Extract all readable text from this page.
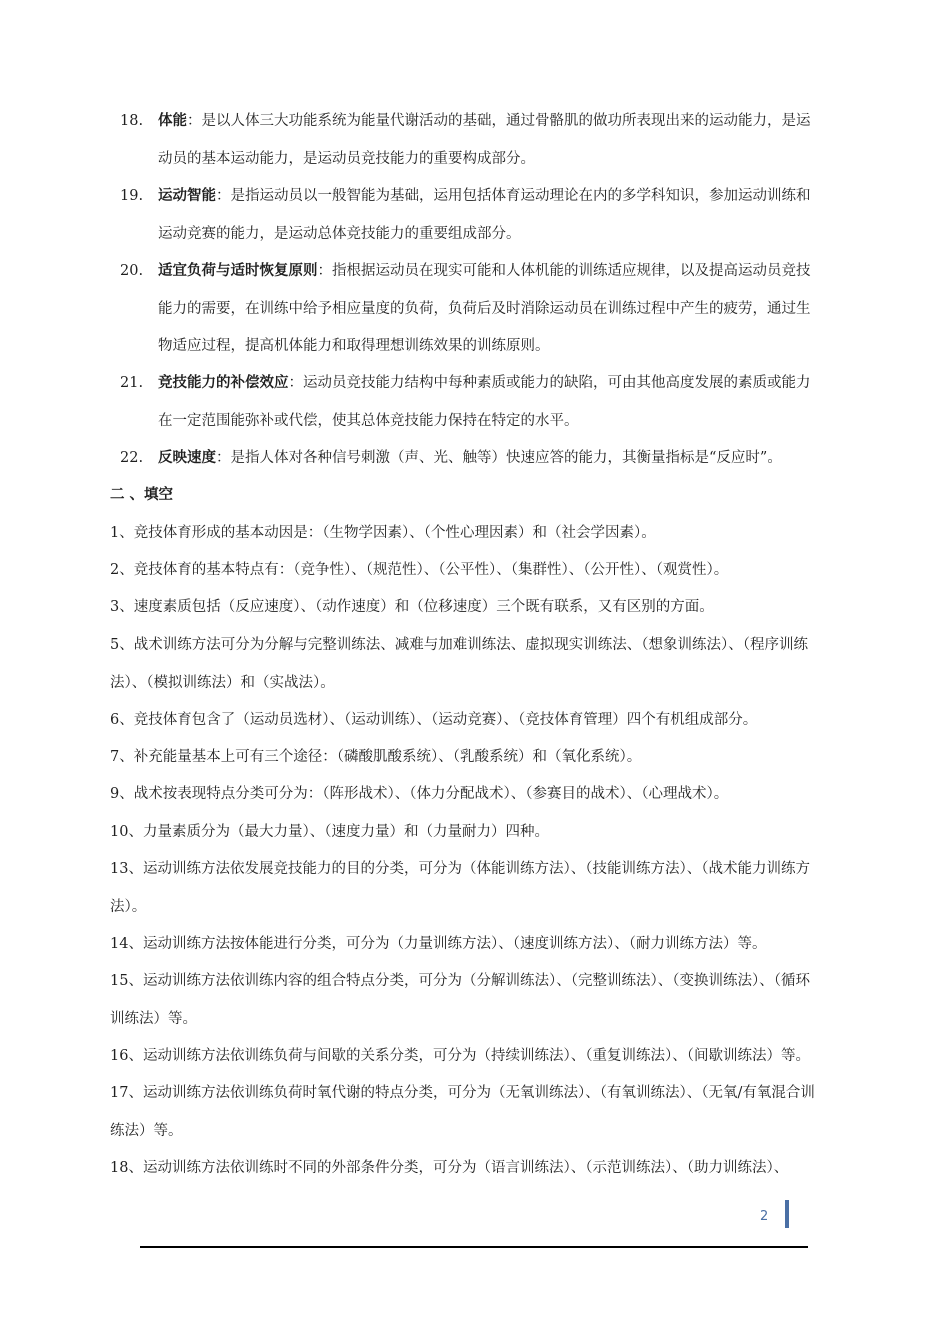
18.	体能：是以人体三大功能系统为能量代谢活动的基础，通过骨骼肌的做功所表现出来的运动能力，是运动员的基本运动能力，是运动员竞技能力的重要构成部分。
19.	运动智能：是指运动员以一般智能为基础，运用包括体育运动理论在内的多学科知识，参加运动训练和运动竞赛的能力，是运动总体竞技能力的重要组成部分。
20.	适宜负荷与适时恢复原则：指根据运动员在现实可能和人体机能的训练适应规律，以及提高运动员竞技能力的需要，在训练中给予相应量度的负荷，负荷后及时消除运动员在训练过程中产生的疲劳，通过生物适应过程，提高机体能力和取得理想训练效果的训练原则。
21.	竞技能力的补偿效应：运动员竞技能力结构中每种素质或能力的缺陷，可由其他高度发展的素质或能力在一定范围能弥补或代偿，使其总体竞技能力保持在特定的水平。
22.	反映速度：是指人体对各种信号刺激（声、光、触等）快速应答的能力，其衡量指标是“反应时”。
二 、填空
1、竞技体育形成的基本动因是：（生物学因素）、（个性心理因素）和（社会学因素）。
2、竞技体育的基本特点有：（竞争性）、（规范性）、（公平性）、（集群性）、（公开性）、（观赏性）。
3、速度素质包括（反应速度）、（动作速度）和（位移速度）三个既有联系，又有区别的方面。
5、战术训练方法可分为分解与完整训练法、减难与加难训练法、虚拟现实训练法、（想象训练法）、（程序训练法）、（模拟训练法）和（实战法）。
6、竞技体育包含了（运动员选材）、（运动训练）、（运动竞赛）、（竞技体育管理）四个有机组成部分。
7、补充能量基本上可有三个途径：（磷酸肌酸系统）、（乳酸系统）和（氧化系统）。
9、战术按表现特点分类可分为：（阵形战术）、（体力分配战术）、（参赛目的战术）、（心理战术）。
10、力量素质分为（最大力量）、（速度力量）和（力量耐力）四种。
13、运动训练方法依发展竞技能力的目的分类，可分为（体能训练方法）、（技能训练方法）、（战术能力训练方法）。
14、运动训练方法按体能进行分类，可分为（力量训练方法）、（速度训练方法）、（耐力训练方法）等。
15、运动训练方法依训练内容的组合特点分类，可分为（分解训练法）、（完整训练法）、（变换训练法）、（循环训练法）等。
16、运动训练方法依训练负荷与间歇的关系分类，可分为（持续训练法）、（重复训练法）、（间歇训练法）等。
17、运动训练方法依训练负荷时氧代谢的特点分类，可分为（无氧训练法）、（有氧训练法）、（无氧/有氧混合训练法）等。
18、运动训练方法依训练时不同的外部条件分类，可分为（语言训练法）、（示范训练法）、（助力训练法）、
2
